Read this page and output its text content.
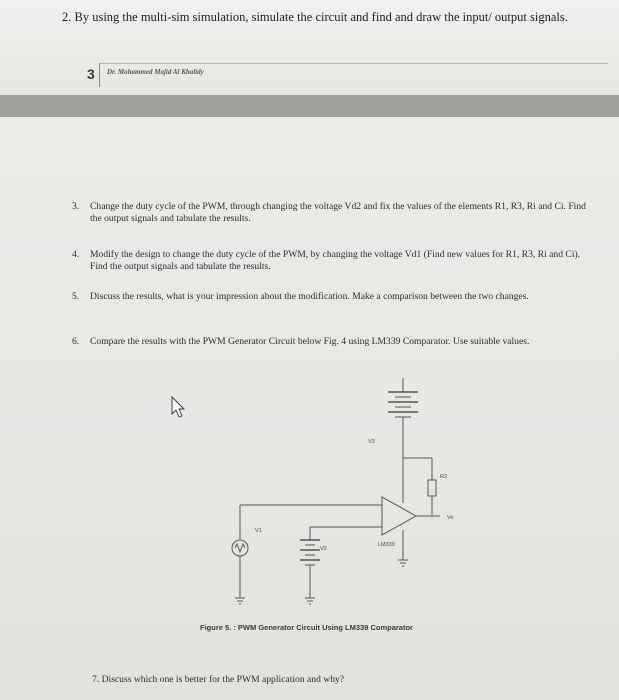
2. By using the multi-sim simulation, simulate the circuit and find and draw the input/ output signals.
3 Dr. Mohammed Majid Al Khalidy
3. Change the duty cycle of the PWM, through changing the voltage Vd2 and fix the values of the elements R1, R3, Ri and Ci. Find the output signals and tabulate the results.
4. Modify the design to change the duty cycle of the PWM, by changing the voltage Vd1 (Find new values for R1, R3, Ri and Ci). Find the output signals and tabulate the results.
5. Discuss the results, what is your impression about the modification. Make a comparison between the two changes.
6. Compare the results with the PWM Generator Circuit below Fig. 4 using LM339 Comparator. Use suitable values.
V3
R2
Vo
V1
V2
LM339
Figure 5. : PWM Generator Circuit Using LM339 Comparator
7. Discuss which one is better for the PWM application and why?
